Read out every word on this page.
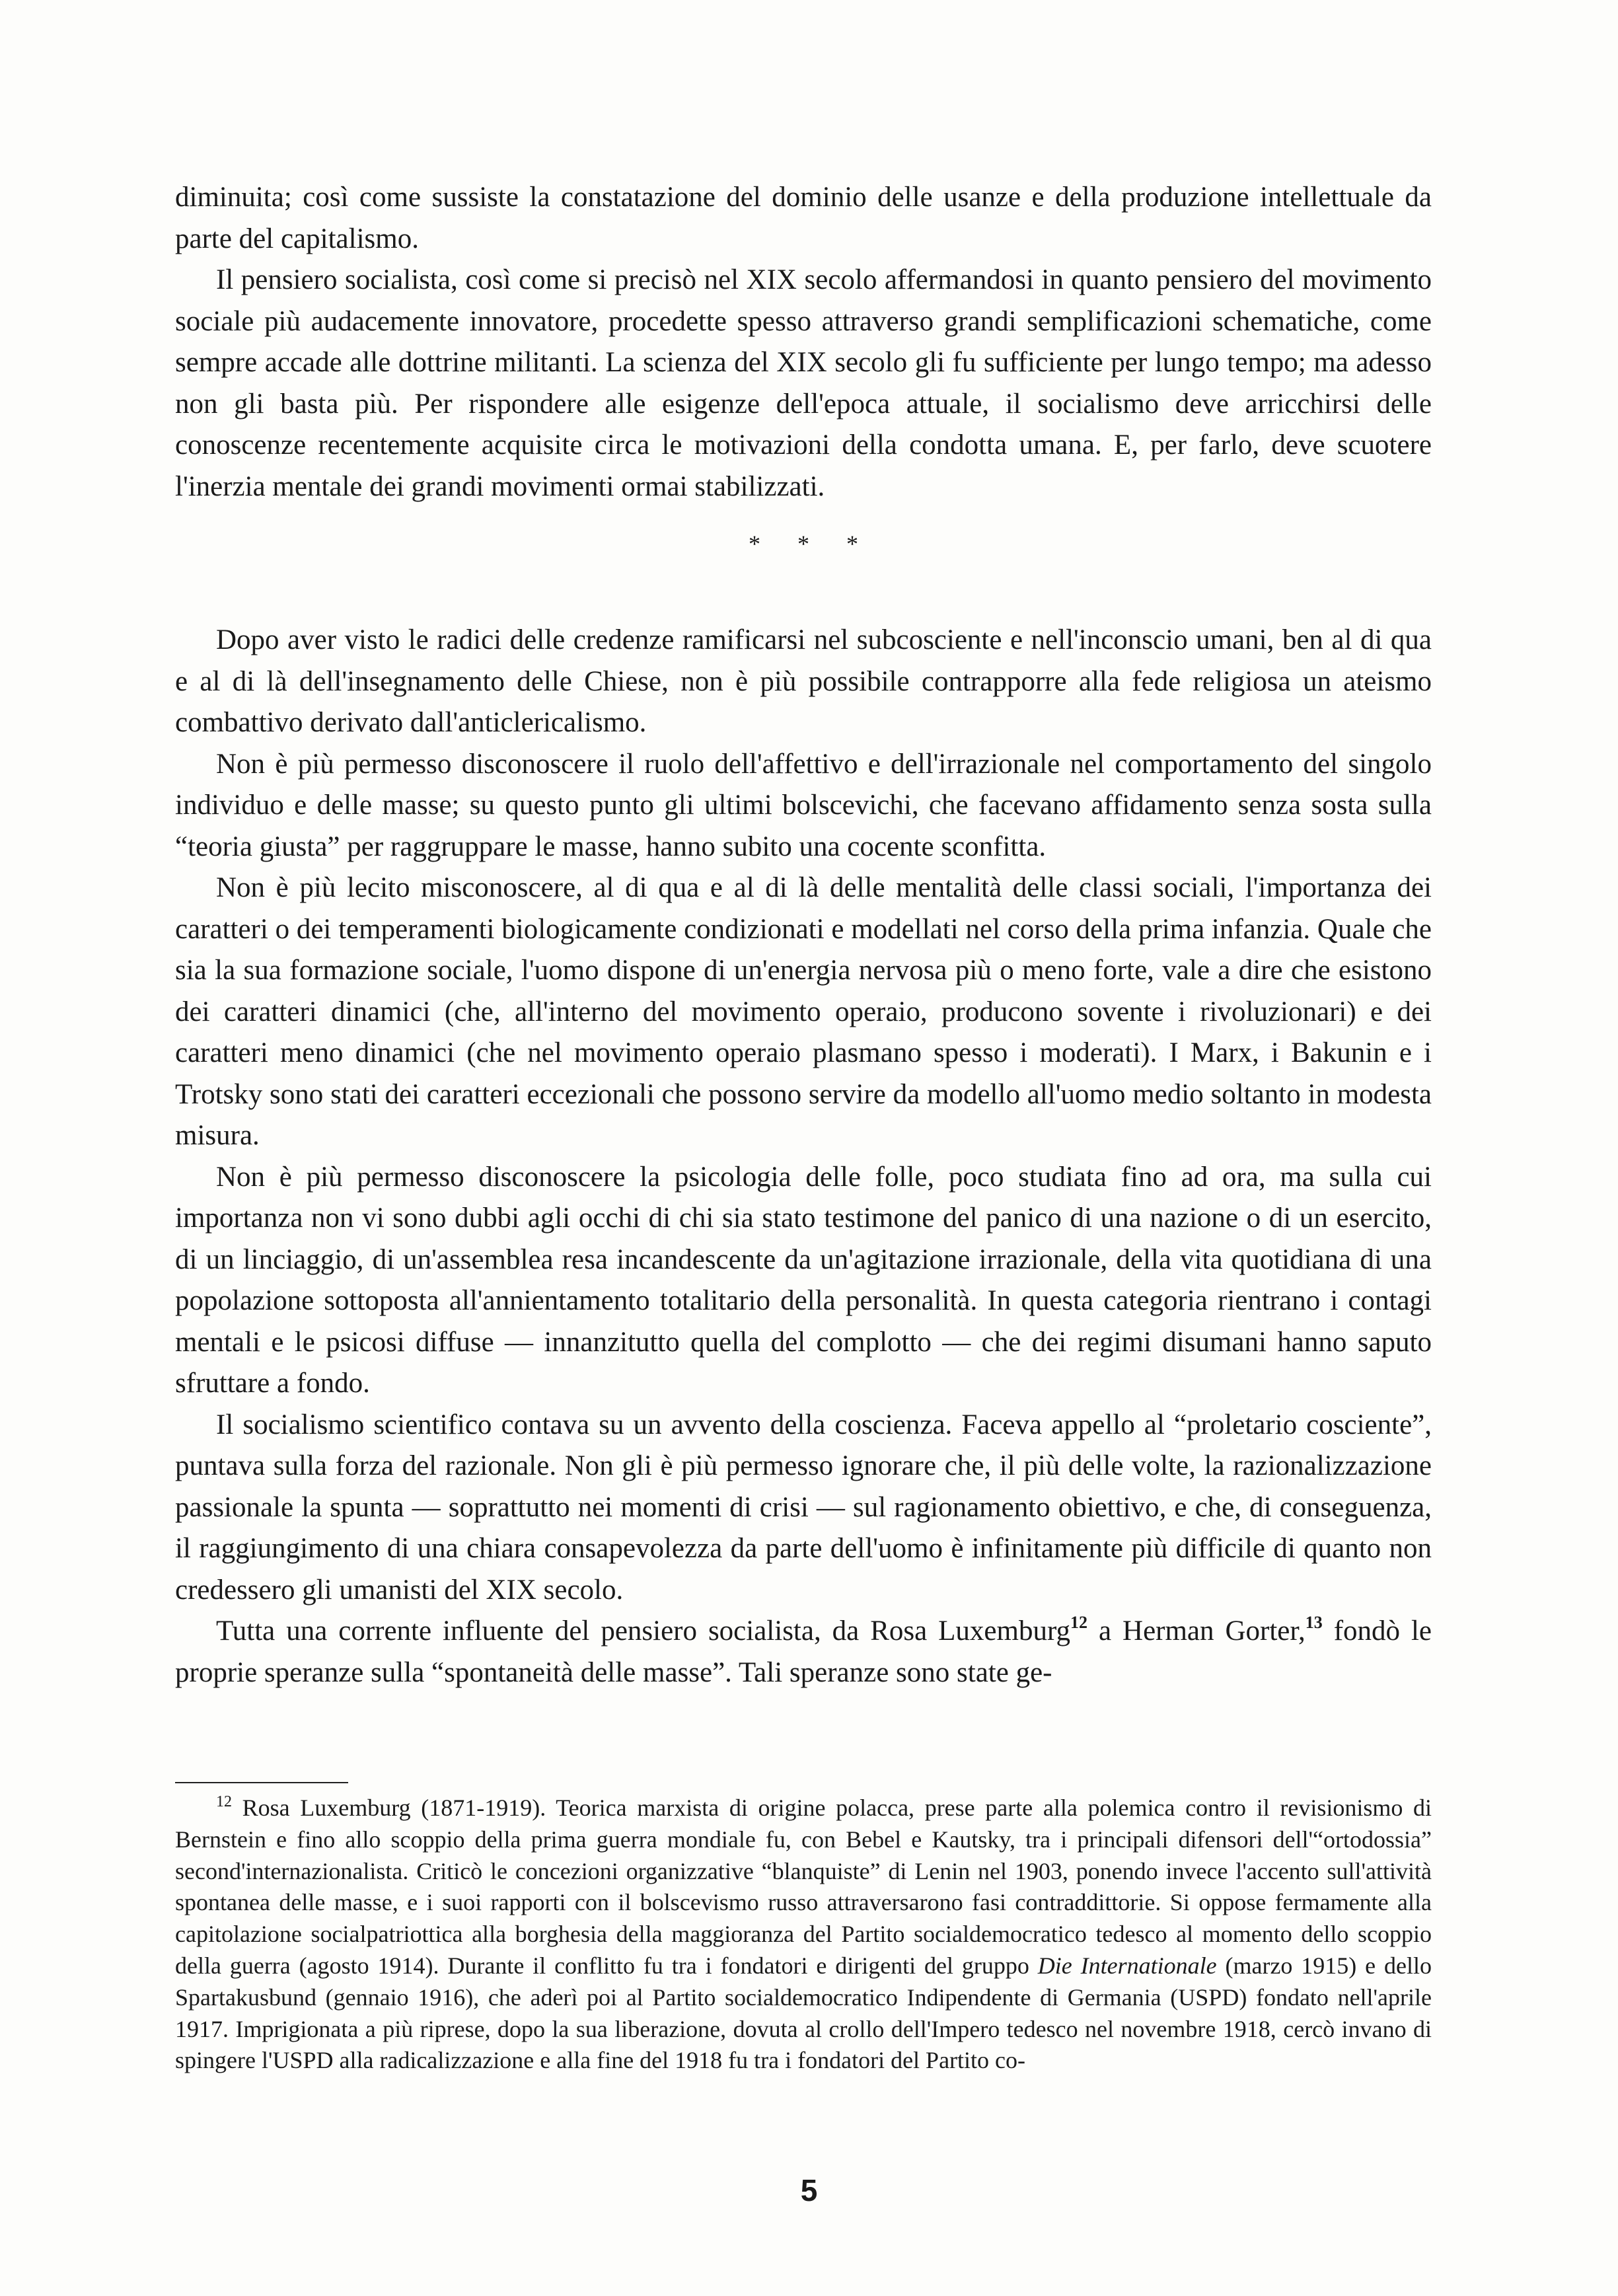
diminuita; così come sussiste la constatazione del dominio delle usanze e della produzione intellettuale da parte del capitalismo.

Il pensiero socialista, così come si precisò nel XIX secolo affermandosi in quanto pensiero del movimento sociale più audacemente innovatore, procedette spesso attraverso grandi semplificazioni schematiche, come sempre accade alle dottrine militanti. La scienza del XIX secolo gli fu sufficiente per lungo tempo; ma adesso non gli basta più. Per rispondere alle esigenze dell'epoca attuale, il socialismo deve arricchirsi delle conoscenze recentemente acquisite circa le motivazioni della condotta umana. E, per farlo, deve scuotere l'inerzia mentale dei grandi movimenti ormai stabilizzati.

* * *

Dopo aver visto le radici delle credenze ramificarsi nel subcosciente e nell'inconscio umani, ben al di qua e al di là dell'insegnamento delle Chiese, non è più possibile contrapporre alla fede religiosa un ateismo combattivo derivato dall'anticlericalismo.

Non è più permesso disconoscere il ruolo dell'affettivo e dell'irrazionale nel comportamento del singolo individuo e delle masse; su questo punto gli ultimi bolscevichi, che facevano affidamento senza sosta sulla “teoria giusta” per raggruppare le masse, hanno subito una cocente sconfitta.

Non è più lecito misconoscere, al di qua e al di là delle mentalità delle classi sociali, l'importanza dei caratteri o dei temperamenti biologicamente condizionati e modellati nel corso della prima infanzia. Quale che sia la sua formazione sociale, l'uomo dispone di un'energia nervosa più o meno forte, vale a dire che esistono dei caratteri dinamici (che, all'interno del movimento operaio, producono sovente i rivoluzionari) e dei caratteri meno dinamici (che nel movimento operaio plasmano spesso i moderati). I Marx, i Bakunin e i Trotsky sono stati dei caratteri eccezionali che possono servire da modello all'uomo medio soltanto in modesta misura.

Non è più permesso disconoscere la psicologia delle folle, poco studiata fino ad ora, ma sulla cui importanza non vi sono dubbi agli occhi di chi sia stato testimone del panico di una nazione o di un esercito, di un linciaggio, di un'assemblea resa incandescente da un'agitazione irrazionale, della vita quotidiana di una popolazione sottoposta all'annientamento totalitario della personalità. In questa categoria rientrano i contagi mentali e le psicosi diffuse — innanzitutto quella del complotto — che dei regimi disumani hanno saputo sfruttare a fondo.

Il socialismo scientifico contava su un avvento della coscienza. Faceva appello al “proletario cosciente”, puntava sulla forza del razionale. Non gli è più permesso ignorare che, il più delle volte, la razionalizzazione passionale la spunta — soprattutto nei momenti di crisi — sul ragionamento obiettivo, e che, di conseguenza, il raggiungimento di una chiara consapevolezza da parte dell'uomo è infinitamente più difficile di quanto non credessero gli umanisti del XIX secolo.

Tutta una corrente influente del pensiero socialista, da Rosa Luxemburg$^{12}$ a Herman Gorter,$^{13}$ fondò le proprie speranze sulla “spontaneità delle masse”. Tali speranze sono state ge-

$^{12}$ Rosa Luxemburg (1871-1919). Teorica marxista di origine polacca, prese parte alla polemica contro il revisionismo di Bernstein e fino allo scoppio della prima guerra mondiale fu, con Bebel e Kautsky, tra i principali difensori dell'“ortodossia” second'internazionalista. Criticò le concezioni organizzative “blanquiste” di Lenin nel 1903, ponendo invece l'accento sull'attività spontanea delle masse, e i suoi rapporti con il bolscevismo russo attraversarono fasi contraddittorie. Si oppose fermamente alla capitolazione socialpatriottica alla borghesia della maggioranza del Partito socialdemocratico tedesco al momento dello scoppio della guerra (agosto 1914). Durante il conflitto fu tra i fondatori e dirigenti del gruppo Die Internationale (marzo 1915) e dello Spartakusbund (gennaio 1916), che aderì poi al Partito socialdemocratico Indipendente di Germania (USPD) fondato nell'aprile 1917. Imprigionata a più riprese, dopo la sua liberazione, dovuta al crollo dell'Impero tedesco nel novembre 1918, cercò invano di spingere l'USPD alla radicalizzazione e alla fine del 1918 fu tra i fondatori del Partito co-

5
